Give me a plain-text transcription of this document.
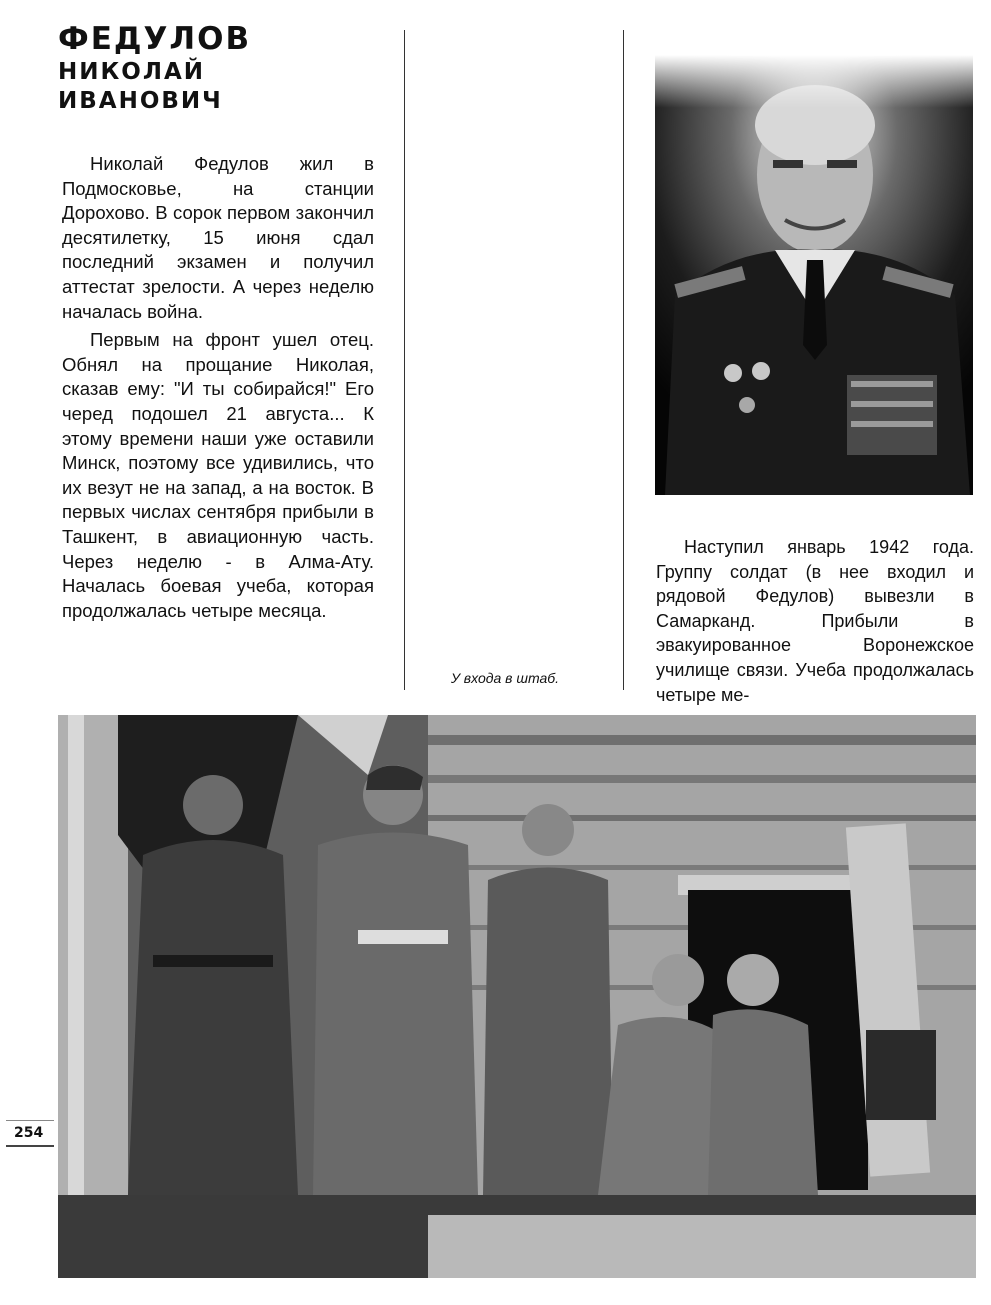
ФЕДУЛОВ
НИКОЛАЙ
ИВАНОВИЧ

Николай Федулов жил в Подмосковье, на станции Дорохово. В сорок первом закончил десятилетку, 15 июня сдал последний экзамен и получил аттестат зрелости. А через неделю началась война.

Первым на фронт ушел отец. Обнял на прощание Николая, сказав ему: "И ты собирайся!" Его черед подошел 21 августа... К этому времени наши уже оставили Минск, поэтому все удивились, что их везут не на запад, а на восток. В первых числах сентября прибыли в Ташкент, в авиационную часть. Через неделю - в Алма-Ату. Началась боевая учеба, которая продолжалась четыре месяца.

У входа в штаб.

Наступил январь 1942 года. Группу солдат (в нее входил и рядовой Федулов) вывезли в Самарканд. Прибыли в эвакуированное Воронежское училище связи. Учеба продолжалась четыре ме-

254
